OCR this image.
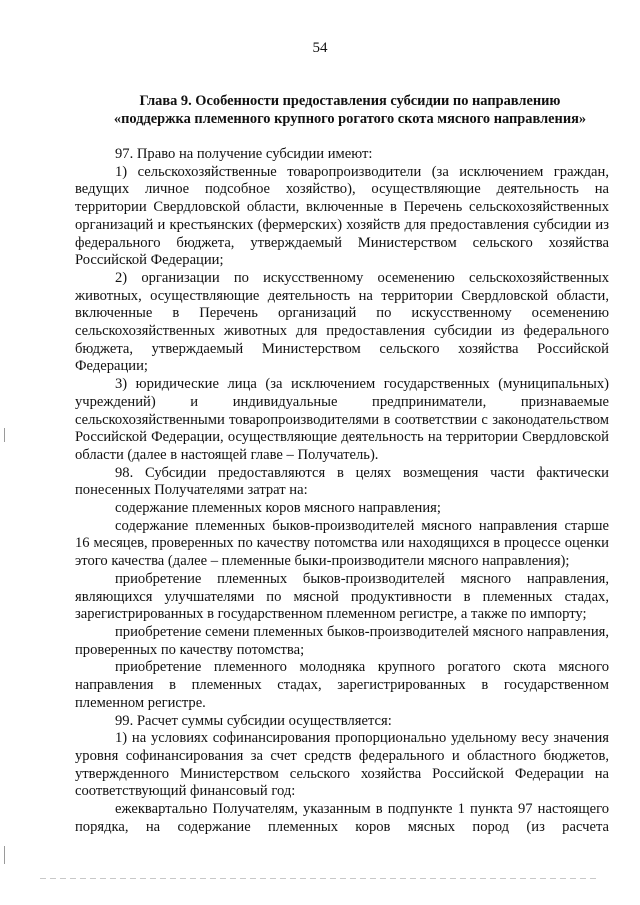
54
Глава 9. Особенности предоставления субсидии по направлению
«поддержка племенного крупного рогатого скота мясного направления»

97. Право на получение субсидии имеют:

1) сельскохозяйственные товаропроизводители (за исключением граждан, ведущих личное подсобное хозяйство), осуществляющие деятельность на территории Свердловской области, включенные в Перечень сельскохозяйственных организаций и крестьянских (фермерских) хозяйств для предоставления субсидии из федерального бюджета, утверждаемый Министерством сельского хозяйства Российской Федерации;

2) организации по искусственному осеменению сельскохозяйственных животных, осуществляющие деятельность на территории Свердловской области, включенные в Перечень организаций по искусственному осеменению сельскохозяйственных животных для предоставления субсидии из федерального бюджета, утверждаемый Министерством сельского хозяйства Российской Федерации;

3) юридические лица (за исключением государственных (муниципальных) учреждений) и индивидуальные предприниматели, признаваемые сельскохозяйственными товаропроизводителями в соответствии с законодательством Российской Федерации, осуществляющие деятельность на территории Свердловской области (далее в настоящей главе – Получатель).

98. Субсидии предоставляются в целях возмещения части фактически понесенных Получателями затрат на:

содержание племенных коров мясного направления;

содержание племенных быков-производителей мясного направления старше 16 месяцев, проверенных по качеству потомства или находящихся в процессе оценки этого качества (далее – племенные быки-производители мясного направления);

приобретение племенных быков-производителей мясного направления, являющихся улучшателями по мясной продуктивности в племенных стадах, зарегистрированных в государственном племенном регистре, а также по импорту;

приобретение семени племенных быков-производителей мясного направления, проверенных по качеству потомства;

приобретение племенного молодняка крупного рогатого скота мясного направления в племенных стадах, зарегистрированных в государственном племенном регистре.

99. Расчет суммы субсидии осуществляется:

1) на условиях софинансирования пропорционально удельному весу значения уровня софинансирования за счет средств федерального и областного бюджетов, утвержденного Министерством сельского хозяйства Российской Федерации на соответствующий финансовый год:

ежеквартально Получателям, указанным в подпункте 1 пункта 97 настоящего порядка, на содержание племенных коров мясных пород (из расчета
